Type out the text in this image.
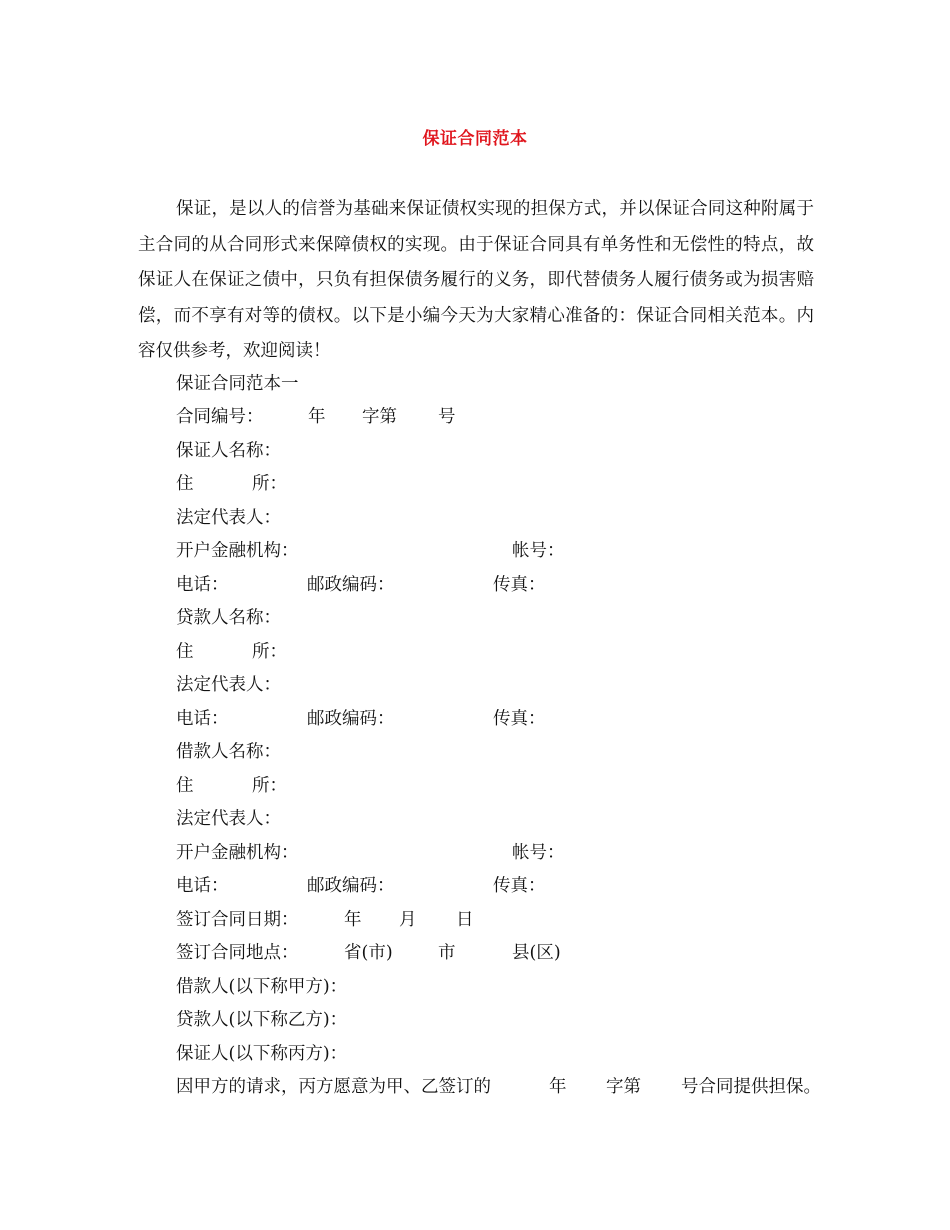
保证合同范本

保证，是以人的信誉为基础来保证债权实现的担保方式，并以保证合同这种附属于主合同的从合同形式来保障债权的实现。由于保证合同具有单务性和无偿性的特点，故保证人在保证之债中，只负有担保债务履行的义务，即代替债务人履行债务或为损害赔偿，而不享有对等的债权。以下是小编今天为大家精心准备的：保证合同相关范本。内容仅供参考，欢迎阅读！

保证合同范本一
合同编号：	年 字第 号
保证人名称：
住	所：
法定代表人：
开户金融机构：	帐号：
电话：	邮政编码：	传真：
贷款人名称：
住	所：
法定代表人：
电话：	邮政编码：	传真：
借款人名称：
住	所：
法定代表人：
开户金融机构：	帐号：
电话：	邮政编码：	传真：
签订合同日期：	年 月 日
签订合同地点：	省(市)	市	县(区)
借款人(以下称甲方)：
贷款人(以下称乙方)：
保证人(以下称丙方)：
因甲方的请求，丙方愿意为甲、乙签订的	年 字第 号合同提供担保。
